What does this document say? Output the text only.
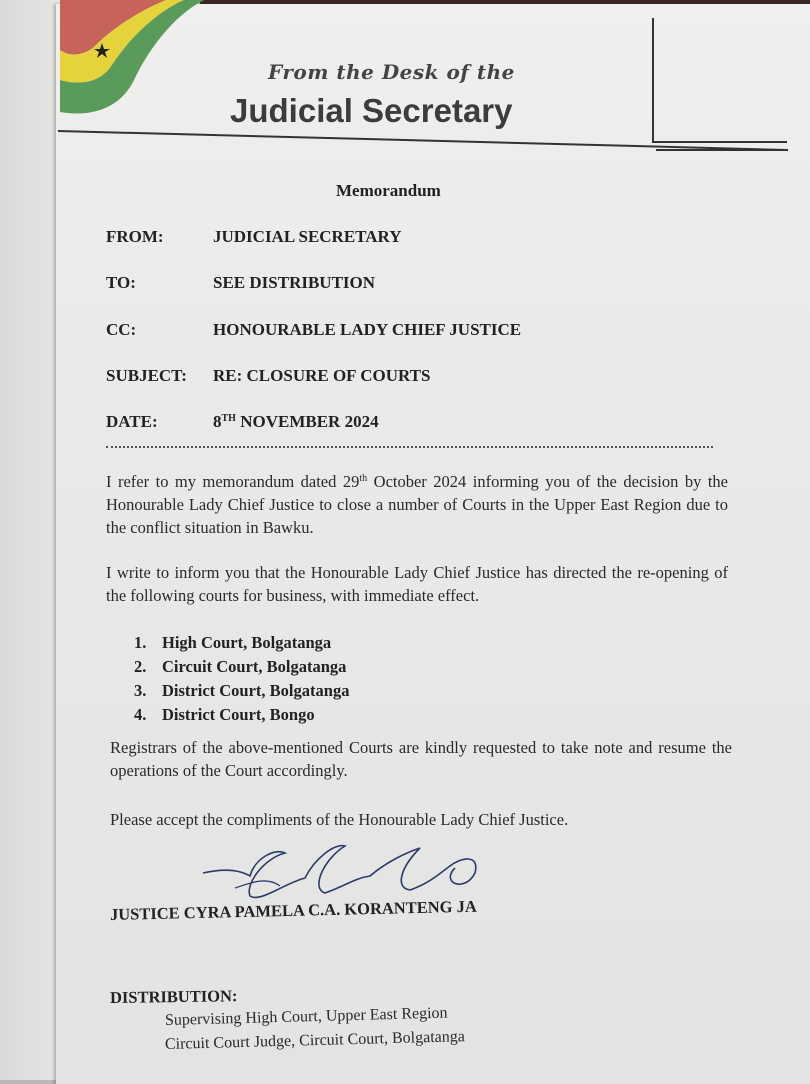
From the Desk of the
Judicial Secretary
Memorandum
FROM:	JUDICIAL SECRETARY
TO:	SEE DISTRIBUTION
CC:	HONOURABLE LADY CHIEF JUSTICE
SUBJECT: RE: CLOSURE OF COURTS
DATE:	8TH NOVEMBER 2024
I refer to my memorandum dated 29th October 2024 informing you of the decision by the Honourable Lady Chief Justice to close a number of Courts in the Upper East Region due to the conflict situation in Bawku.
I write to inform you that the Honourable Lady Chief Justice has directed the re-opening of the following courts for business, with immediate effect.
1. High Court, Bolgatanga
2. Circuit Court, Bolgatanga
3. District Court, Bolgatanga
4. District Court, Bongo
Registrars of the above-mentioned Courts are kindly requested to take note and resume the operations of the Court accordingly.
Please accept the compliments of the Honourable Lady Chief Justice.
JUSTICE CYRA PAMELA C.A. KORANTENG JA
DISTRIBUTION:
Supervising High Court, Upper East Region
Circuit Court Judge, Circuit Court, Bolgatanga
